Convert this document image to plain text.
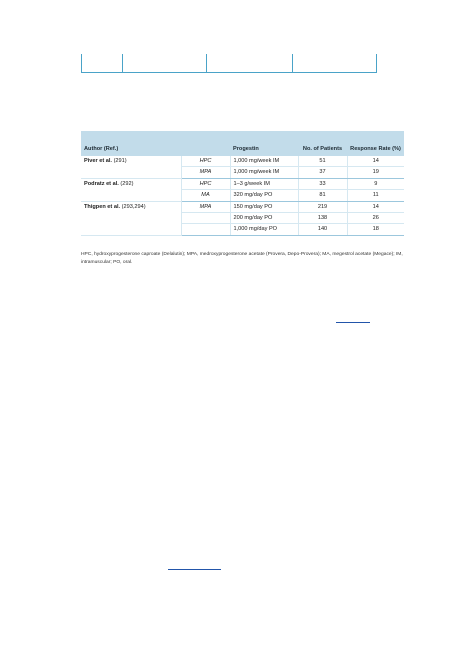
Author (Ref.)		Progestin	No. of Patients	Response Rate (%)
Piver et al. (291)	HPC	1,000 mg/week IM	51	14
	MPA	1,000 mg/week IM	37	19
Podratz et al. (292)	HPC	1–3 g/week IM	33	9
	MA	320 mg/day PO	81	11
Thigpen et al. (293,294)	MPA	150 mg/day PO	219	14
		200 mg/day PO	138	26
		1,000 mg/day PO	140	18
HPC, hydroxyprogesterone caproate (Delalutin); MPA, medroxyprogesterone acetate (Provera, Depo-Provera); MA, megestrol acetate (Megace); IM, intramuscular; PO, oral.
